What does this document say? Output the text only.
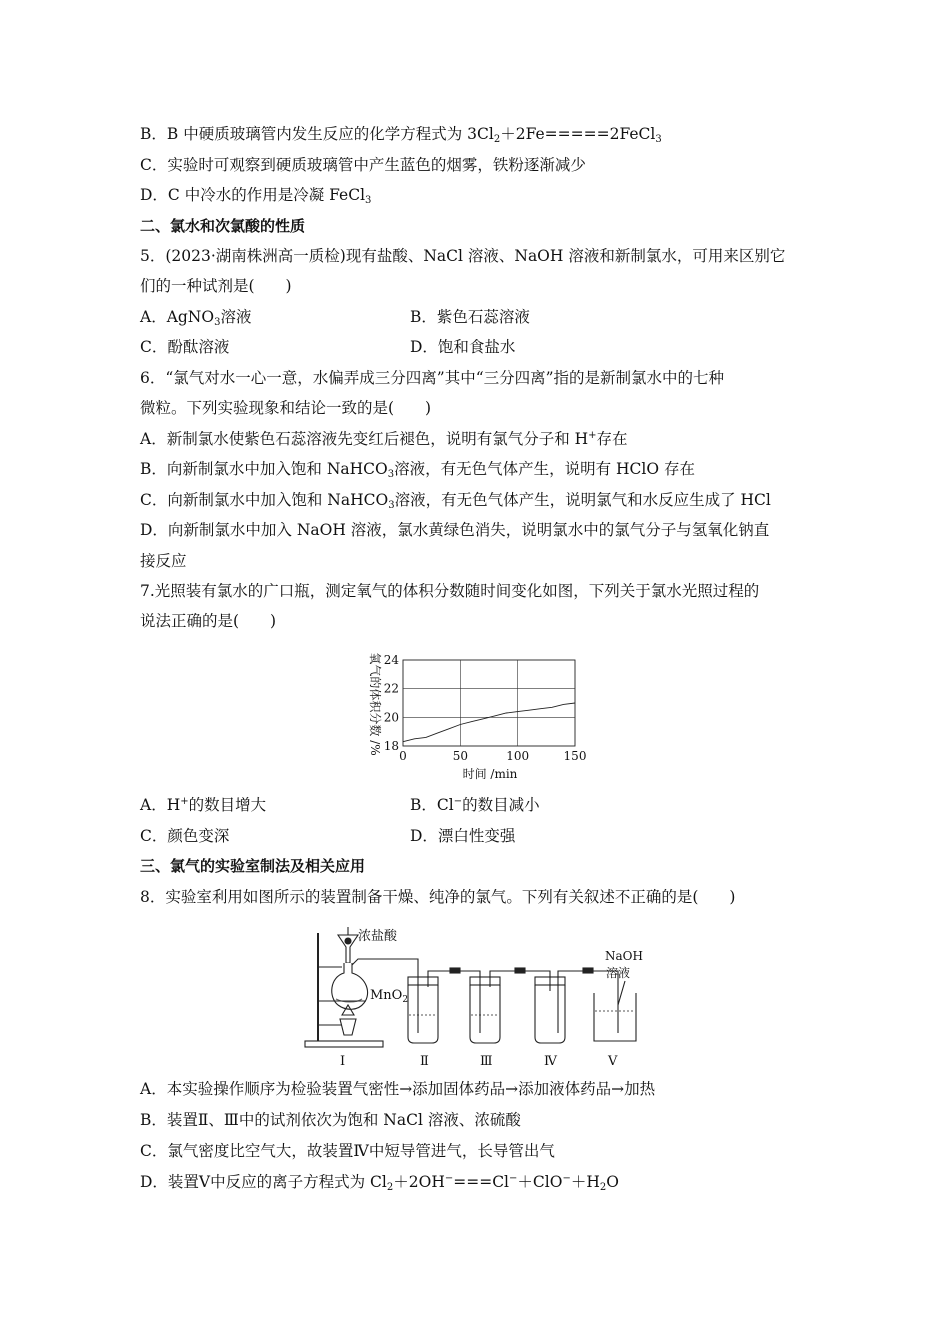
B．B 中硬质玻璃管内发生反应的化学方程式为 $3Cl_2+2Fe=====2FeCl_3$
C．实验时可观察到硬质玻璃管中产生蓝色的烟雾，铁粉逐渐减少
D．C 中冷水的作用是冷凝 FeCl$_3$
二、氯水和次氯酸的性质
5．(2023·湖南株洲高一质检)现有盐酸、NaCl 溶液、NaOH 溶液和新制氯水，可用来区别它
们的一种试剂是(　　)
A．AgNO$_3$溶液	B．紫色石蕊溶液
C．酚酞溶液	D．饱和食盐水
6．“氯气对水一心一意，水偏弄成三分四离”其中“三分四离”指的是新制氯水中的七种
微粒。下列实验现象和结论一致的是(　　)
A．新制氯水使紫色石蕊溶液先变红后褪色，说明有氯气分子和 H+存在
B．向新制氯水中加入饱和 NaHCO$_3$溶液，有无色气体产生，说明有 HClO 存在
C．向新制氯水中加入饱和 NaHCO$_3$溶液，有无色气体产生，说明氯气和水反应生成了 HCl
D．向新制氯水中加入 NaOH 溶液，氯水黄绿色消失，说明氯水中的氯气分子与氢氧化钠直
接反应
7.光照装有氯水的广口瓶，测定氧气的体积分数随时间变化如图，下列关于氯水光照过程的
说法正确的是(　　)
18
20
22
24
0	50	100	150
时间 /min
氧气的体积分数 /%
A．H+的数目增大	B．Cl−的数目减小
C．颜色变深	D．漂白性变强
三、氯气的实验室制法及相关应用
8．实验室利用如图所示的装置制备干燥、纯净的氯气。下列有关叙述不正确的是(　　)
浓盐酸
MnO$_2$
NaOH
溶液
Ⅰ	Ⅱ	Ⅲ	Ⅳ	Ⅴ
A．本实验操作顺序为检验装置气密性→添加固体药品→添加液体药品→加热
B．装置Ⅱ、Ⅲ中的试剂依次为饱和 NaCl 溶液、浓硫酸
C．氯气密度比空气大，故装置Ⅳ中短导管进气，长导管出气
D．装置Ⅴ中反应的离子方程式为 $Cl_2+2OH^-===Cl^-+ClO^-+H_2O$
